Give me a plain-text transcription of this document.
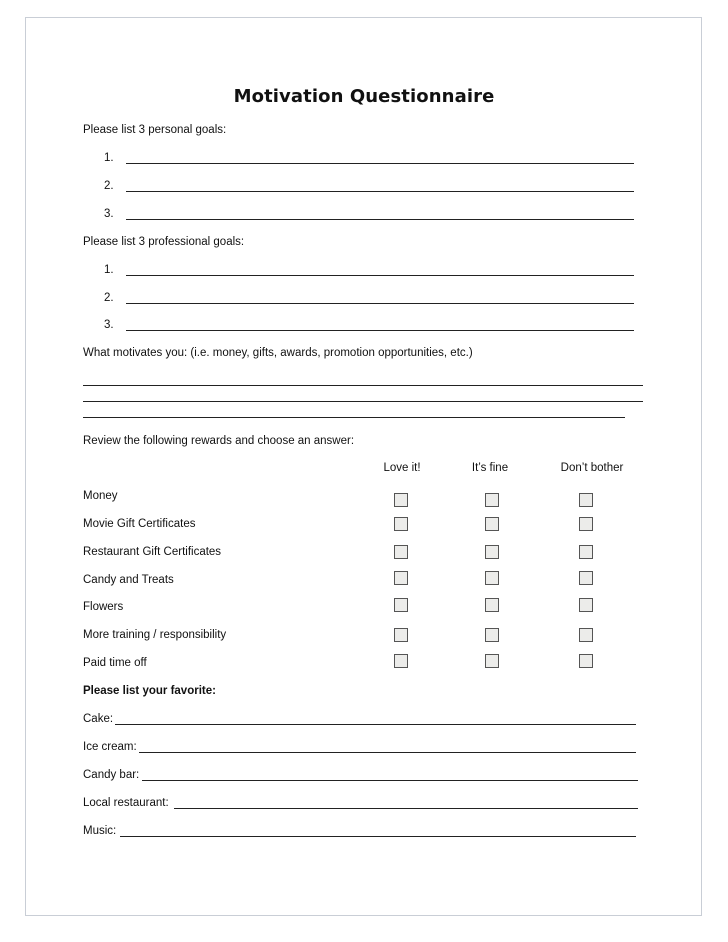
Motivation Questionnaire
Please list 3 personal goals:
1.
2.
3.
Please list 3 professional goals:
1.
2.
3.
What motivates you: (i.e. money, gifts, awards, promotion opportunities, etc.)
Review the following rewards and choose an answer:
Love it!	It’s fine	Don’t bother
Money
Movie Gift Certificates
Restaurant Gift Certificates
Candy and Treats
Flowers
More training / responsibility
Paid time off
Please list your favorite:
Cake:
Ice cream:
Candy bar:
Local restaurant:
Music:
